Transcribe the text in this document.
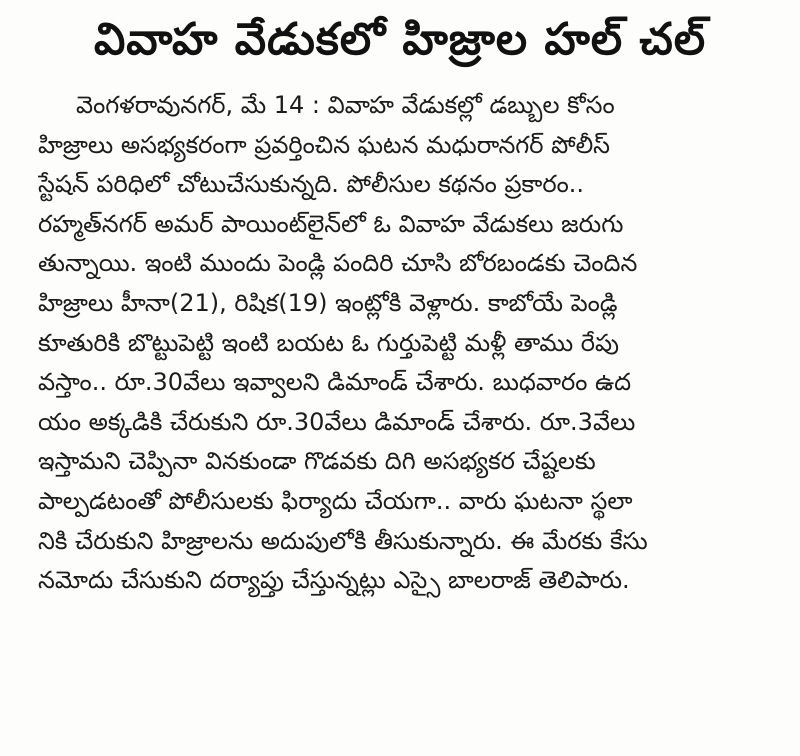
వివాహ వేడుకలో హిజ్రాల హల్ చల్
వెంగళరావునగర్, మే 14 : వివాహ వేడుకల్లో డబ్బుల కోసం
హిజ్రాలు అసభ్యకరంగా ప్రవర్తించిన ఘటన మధురానగర్ పోలీస్
స్టేషన్ పరిధిలో చోటుచేసుకున్నది. పోలీసుల కథనం ప్రకారం..
రహ్మత్‌నగర్ అమర్ పాయింట్‌లైన్‌లో ఓ వివాహ వేడుకలు జరుగు
తున్నాయి. ఇంటి ముందు పెండ్లి పందిరి చూసి బోరబండకు చెందిన
హిజ్రాలు హీనా(21), రిషిక(19) ఇంట్లోకి వెళ్లారు. కాబోయే పెండ్లి
కూతురికి బొట్టుపెట్టి ఇంటి బయట ఓ గుర్తుపెట్టి మళ్లీ తాము రేపు
వస్తాం.. రూ.30వేలు ఇవ్వాలని డిమాండ్ చేశారు. బుధవారం ఉద
యం అక్కడికి చేరుకుని రూ.30వేలు డిమాండ్ చేశారు. రూ.3వేలు
ఇస్తామని చెప్పినా వినకుండా గొడవకు దిగి అసభ్యకర చేష్టలకు
పాల్పడటంతో పోలీసులకు ఫిర్యాదు చేయగా.. వారు ఘటనా స్థలా
నికి చేరుకుని హిజ్రాలను అదుపులోకి తీసుకున్నారు. ఈ మేరకు కేసు
నమోదు చేసుకుని దర్యాప్తు చేస్తున్నట్లు ఎస్సై బాలరాజ్ తెలిపారు.
